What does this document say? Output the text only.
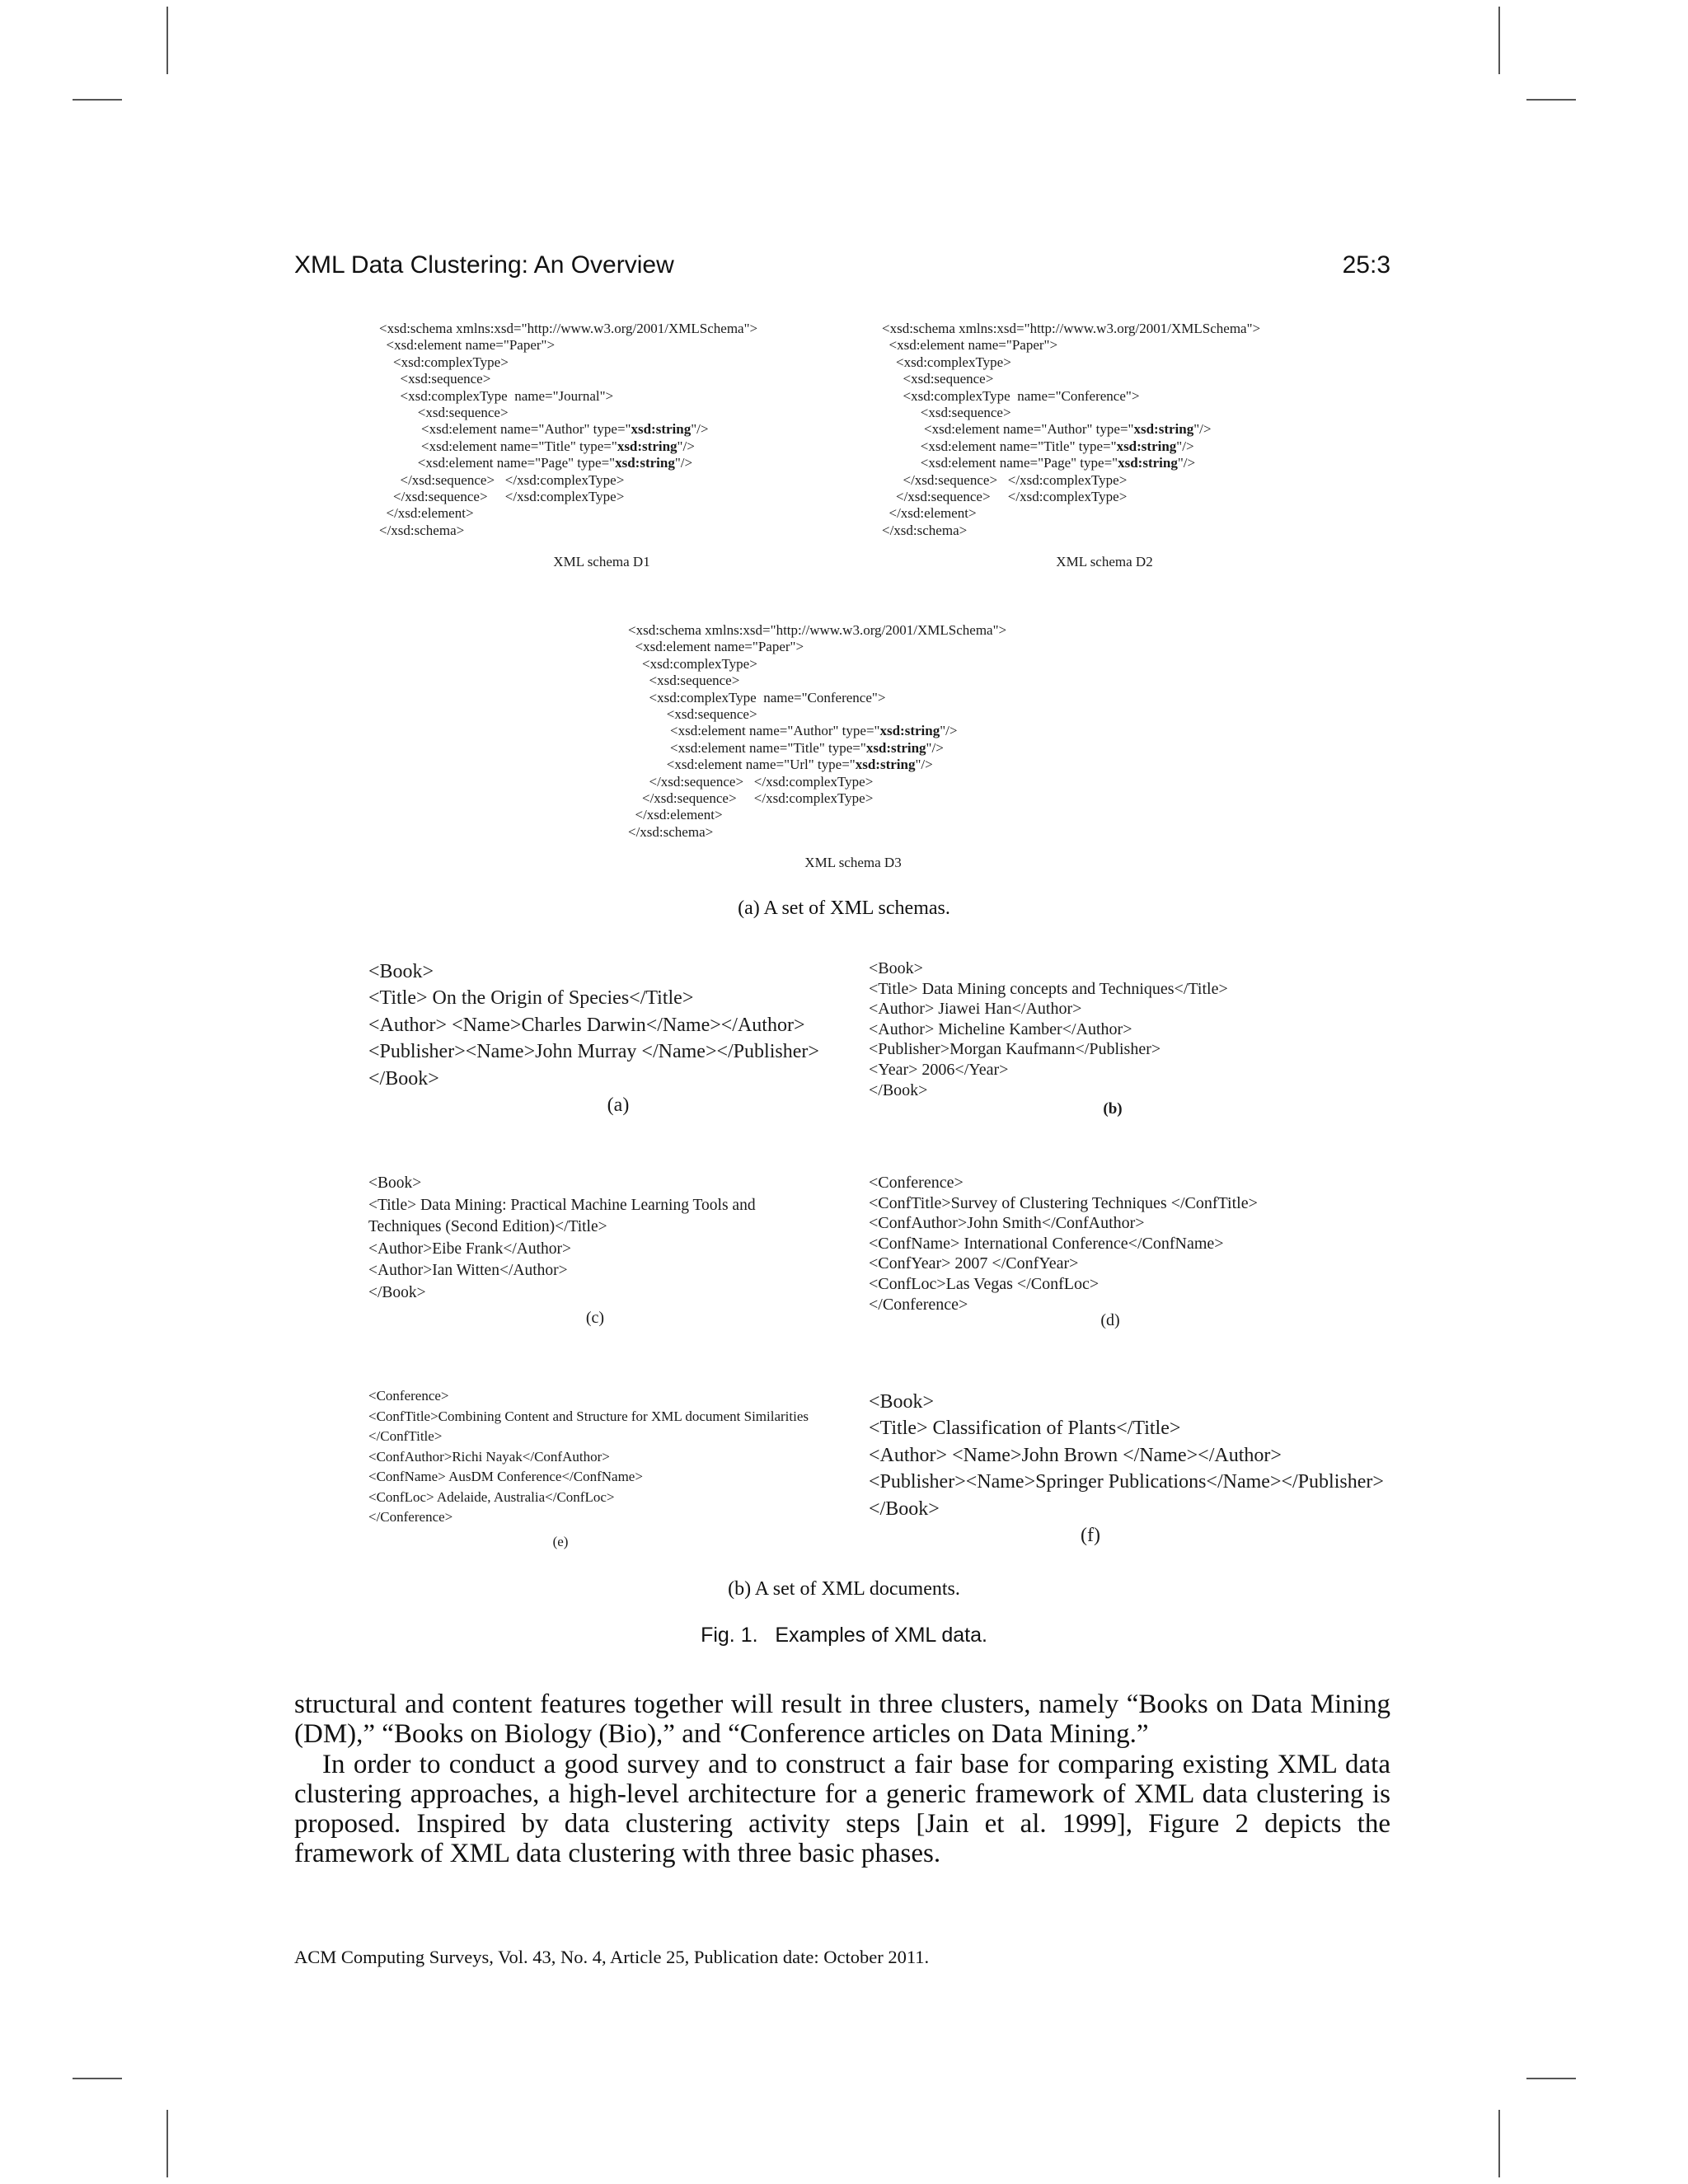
XML Data Clustering: An Overview	25:3
<xsd:schema xmlns:xsd="http://www.w3.org/2001/XMLSchema">
<xsd:element name="Paper">
<xsd:complexType>
<xsd:sequence>
<xsd:complexType  name="Journal">
<xsd:sequence>
<xsd:element name="Author" type="xsd:string"/>
<xsd:element name="Title" type="xsd:string"/>
<xsd:element name="Page" type="xsd:string"/>
</xsd:sequence>   </xsd:complexType>
</xsd:sequence>     </xsd:complexType>
</xsd:element>
</xsd:schema>
XML schema D1
<xsd:schema xmlns:xsd="http://www.w3.org/2001/XMLSchema">
<xsd:element name="Paper">
<xsd:complexType>
<xsd:sequence>
<xsd:complexType  name="Conference">
<xsd:sequence>
<xsd:element name="Author" type="xsd:string"/>
<xsd:element name="Title" type="xsd:string"/>
<xsd:element name="Page" type="xsd:string"/>
</xsd:sequence>   </xsd:complexType>
</xsd:sequence>     </xsd:complexType>
</xsd:element>
</xsd:schema>
XML schema D2
<xsd:schema xmlns:xsd="http://www.w3.org/2001/XMLSchema">
<xsd:element name="Paper">
<xsd:complexType>
<xsd:sequence>
<xsd:complexType  name="Conference">
<xsd:sequence>
<xsd:element name="Author" type="xsd:string"/>
<xsd:element name="Title" type="xsd:string"/>
<xsd:element name="Url" type="xsd:string"/>
</xsd:sequence>   </xsd:complexType>
</xsd:sequence>     </xsd:complexType>
</xsd:element>
</xsd:schema>
XML schema D3
(a) A set of XML schemas.
<Book>
<Title> On the Origin of Species</Title>
<Author> <Name>Charles Darwin</Name></Author>
<Publisher><Name>John Murray </Name></Publisher>
</Book>
(a)
<Book>
<Title> Data Mining concepts and Techniques</Title>
<Author> Jiawei Han</Author>
<Author> Micheline Kamber</Author>
<Publisher>Morgan Kaufmann</Publisher>
<Year> 2006</Year>
</Book>
(b)
<Book>
<Title> Data Mining: Practical Machine Learning Tools and
Techniques (Second Edition)</Title>
<Author>Eibe Frank</Author>
<Author>Ian Witten</Author>
</Book>
(c)
<Conference>
<ConfTitle>Survey of Clustering Techniques </ConfTitle>
<ConfAuthor>John Smith</ConfAuthor>
<ConfName> International Conference</ConfName>
<ConfYear> 2007 </ConfYear>
<ConfLoc>Las Vegas </ConfLoc>
</Conference>
(d)
<Conference>
<ConfTitle>Combining Content and Structure for XML document Similarities
</ConfTitle>
<ConfAuthor>Richi Nayak</ConfAuthor>
<ConfName> AusDM Conference</ConfName>
<ConfLoc> Adelaide, Australia</ConfLoc>
</Conference>
(e)
<Book>
<Title> Classification of Plants</Title>
<Author> <Name>John Brown </Name></Author>
<Publisher><Name>Springer Publications</Name></Publisher>
</Book>
(f)
(b) A set of XML documents.
Fig. 1.   Examples of XML data.

structural and content features together will result in three clusters, namely “Books on Data Mining (DM),” “Books on Biology (Bio),” and “Conference articles on Data Mining.”

In order to conduct a good survey and to construct a fair base for comparing existing XML data clustering approaches, a high-level architecture for a generic framework of XML data clustering is proposed. Inspired by data clustering activity steps [Jain et al. 1999], Figure 2 depicts the framework of XML data clustering with three basic phases.

ACM Computing Surveys, Vol. 43, No. 4, Article 25, Publication date: October 2011.
